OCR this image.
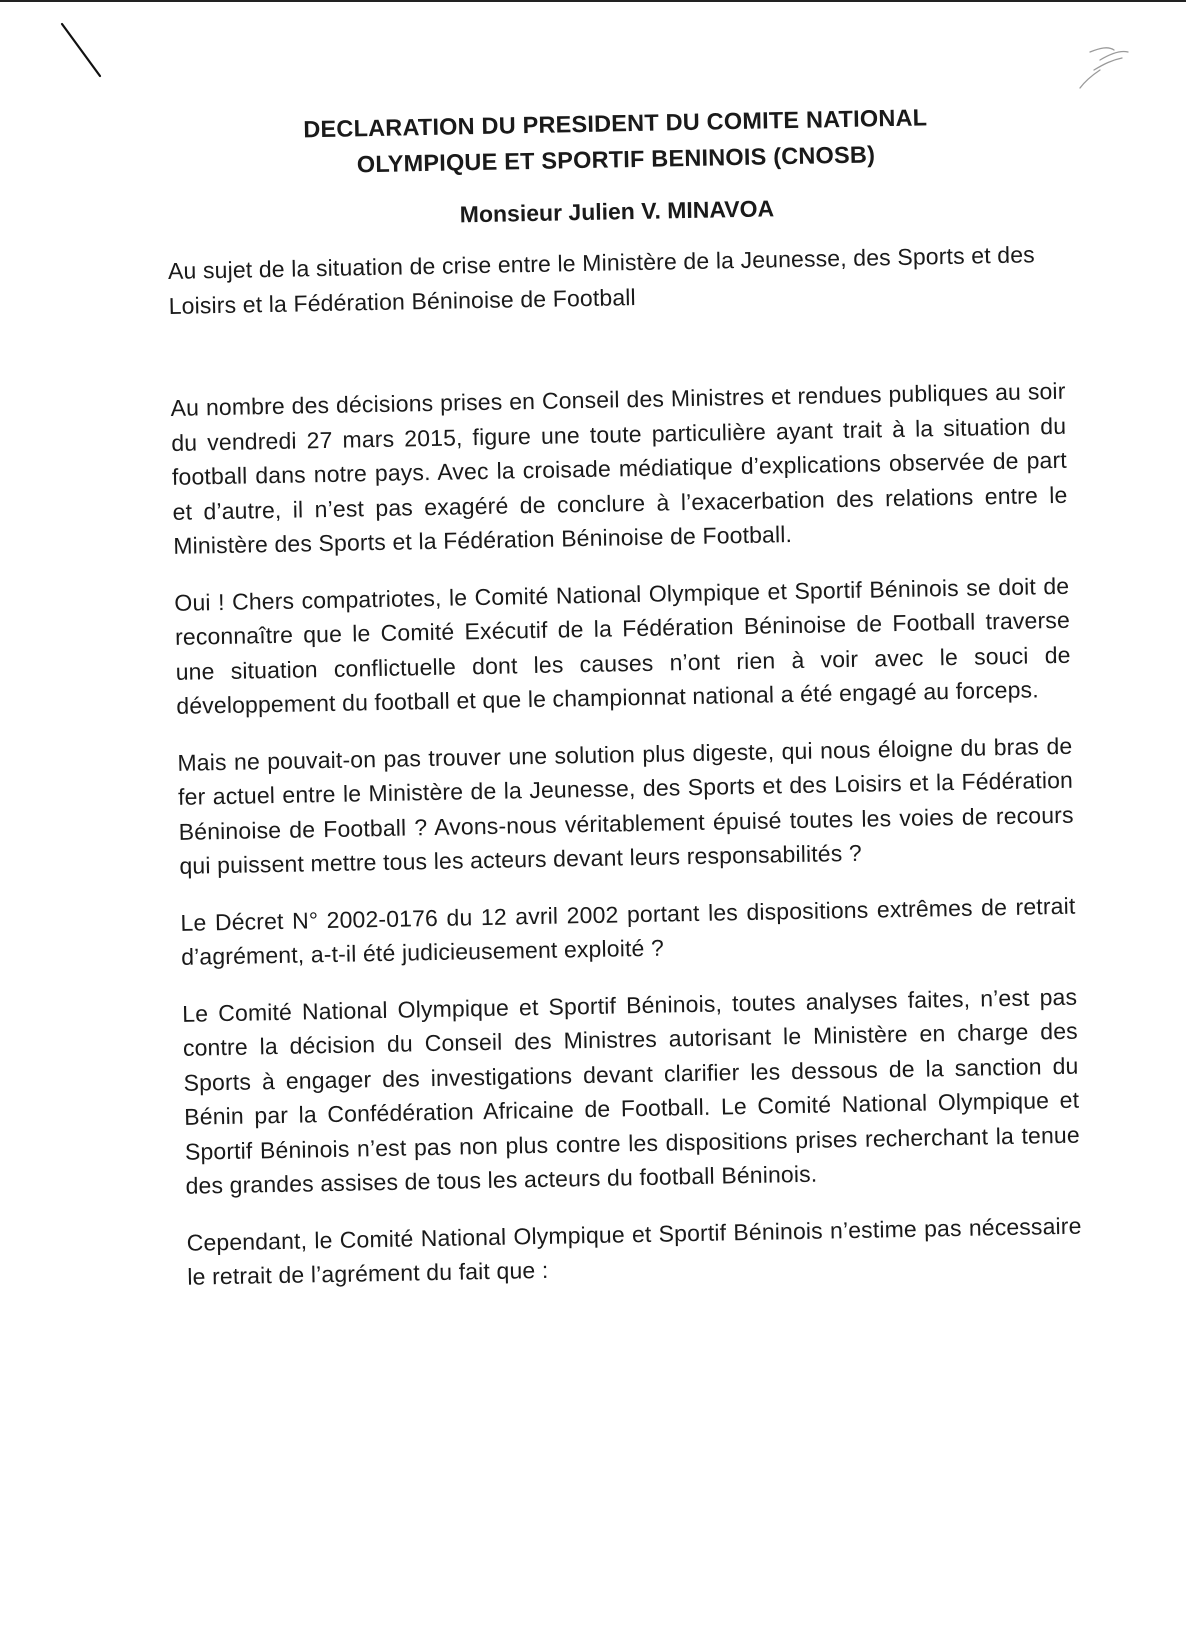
DECLARATION DU PRESIDENT DU COMITE NATIONAL OLYMPIQUE ET SPORTIF BENINOIS (CNOSB)
Monsieur Julien V. MINAVOA

Au sujet de la situation de crise entre le Ministère de la Jeunesse, des Sports et des Loisirs et la Fédération Béninoise de Football

Au nombre des décisions prises en Conseil des Ministres et rendues publiques au soir du vendredi 27 mars 2015, figure une toute particulière ayant trait à la situation du football dans notre pays. Avec la croisade médiatique d’explications observée de part et d’autre, il n’est pas exagéré de conclure à l’exacerbation des relations entre le Ministère des Sports et la Fédération Béninoise de Football.

Oui ! Chers compatriotes, le Comité National Olympique et Sportif Béninois se doit de reconnaître que le Comité Exécutif de la Fédération Béninoise de Football traverse une situation conflictuelle dont les causes n’ont rien à voir avec le souci de développement du football et que le championnat national a été engagé au forceps.

Mais ne pouvait-on pas trouver une solution plus digeste, qui nous éloigne du bras de fer actuel entre le Ministère de la Jeunesse, des Sports et des Loisirs et la Fédération Béninoise de Football ? Avons-nous véritablement épuisé toutes les voies de recours qui puissent mettre tous les acteurs devant leurs responsabilités ?

Le Décret N° 2002-0176 du 12 avril 2002 portant les dispositions extrêmes de retrait d’agrément, a-t-il été judicieusement exploité ?

Le Comité National Olympique et Sportif Béninois, toutes analyses faites, n’est pas contre la décision du Conseil des Ministres autorisant le Ministère en charge des Sports à engager des investigations devant clarifier les dessous de la sanction du Bénin par la Confédération Africaine de Football. Le Comité National Olympique et Sportif Béninois n’est pas non plus contre les dispositions prises recherchant la tenue des grandes assises de tous les acteurs du football Béninois.

Cependant, le Comité National Olympique et Sportif Béninois n’estime pas nécessaire le retrait de l’agrément du fait que :
